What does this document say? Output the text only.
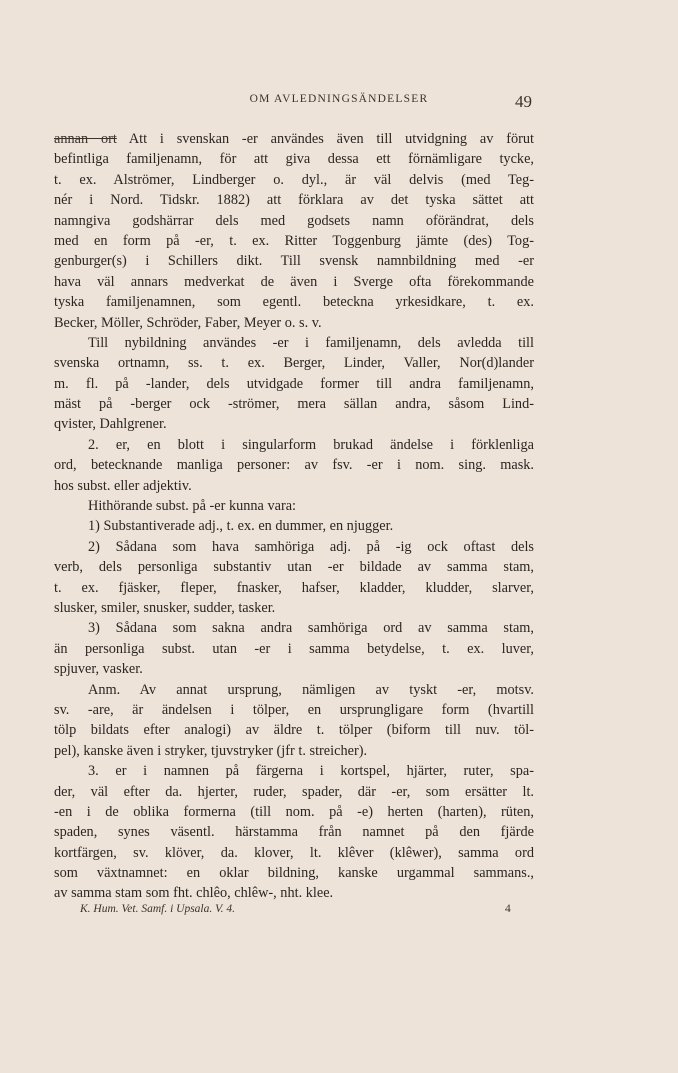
OM AVLEDNINGSÄNDELSER	49
annan ort Att i svenskan -er användes även till utvidgning av förut
befintliga familjenamn, för att giva dessa ett förnämligare tycke,
t. ex. Alströmer, Lindberger o. dyl., är väl delvis (med Teg-
nér i Nord. Tidskr. 1882) att förklara av det tyska sättet att
namngiva godshärrar dels med godsets namn oförändrat, dels
med en form på -er, t. ex. Ritter Toggenburg jämte (des) Tog-
genburger(s) i Schillers dikt. Till svensk namnbildning med -er
hava väl annars medverkat de även i Sverge ofta förekommande
tyska familjenamnen, som egentl. beteckna yrkesidkare, t. ex.
Becker, Möller, Schröder, Faber, Meyer o. s. v.
Till nybildning användes -er i familjenamn, dels avledda till
svenska ortnamn, ss. t. ex. Berger, Linder, Valler, Nor(d)lander
m. fl. på -lander, dels utvidgade former till andra familjenamn,
mäst på -berger ock -strömer, mera sällan andra, såsom Lind-
qvister, Dahlgrener.
2. er, en blott i singularform brukad ändelse i förklenliga
ord, betecknande manliga personer: av fsv. -er i nom. sing. mask.
hos subst. eller adjektiv.
Hithörande subst. på -er kunna vara:
1) Substantiverade adj., t. ex. en dummer, en njugger.
2) Sådana som hava samhöriga adj. på -ig ock oftast dels
verb, dels personliga substantiv utan -er bildade av samma stam,
t. ex. fjäsker, fleper, fnasker, hafser, kladder, kludder, slarver,
slusker, smiler, snusker, sudder, tasker.
3) Sådana som sakna andra samhöriga ord av samma stam,
än personliga subst. utan -er i samma betydelse, t. ex. luver,
spjuver, vasker.
Anm. Av annat ursprung, nämligen av tyskt -er, motsv.
sv. -are, är ändelsen i tölper, en ursprungligare form (hvartill
tölp bildats efter analogi) av äldre t. tölper (biform till nuv. töl-
pel), kanske även i stryker, tjuvstryker (jfr t. streicher).
3. er i namnen på färgerna i kortspel, hjärter, ruter, spa-
der, väl efter da. hjerter, ruder, spader, där -er, som ersätter lt.
-en i de oblika formerna (till nom. på -e) herten (harten), rüten,
spaden, synes väsentl. härstamma från namnet på den fjärde
kortfärgen, sv. klöver, da. klover, lt. klêver (klêwer), samma ord
som växtnamnet: en oklar bildning, kanske urgammal sammans.,
av samma stam som fht. chlêo, chlêw-, nht. klee.
K. Hum. Vet. Samf. i Upsala. V. 4.	4
